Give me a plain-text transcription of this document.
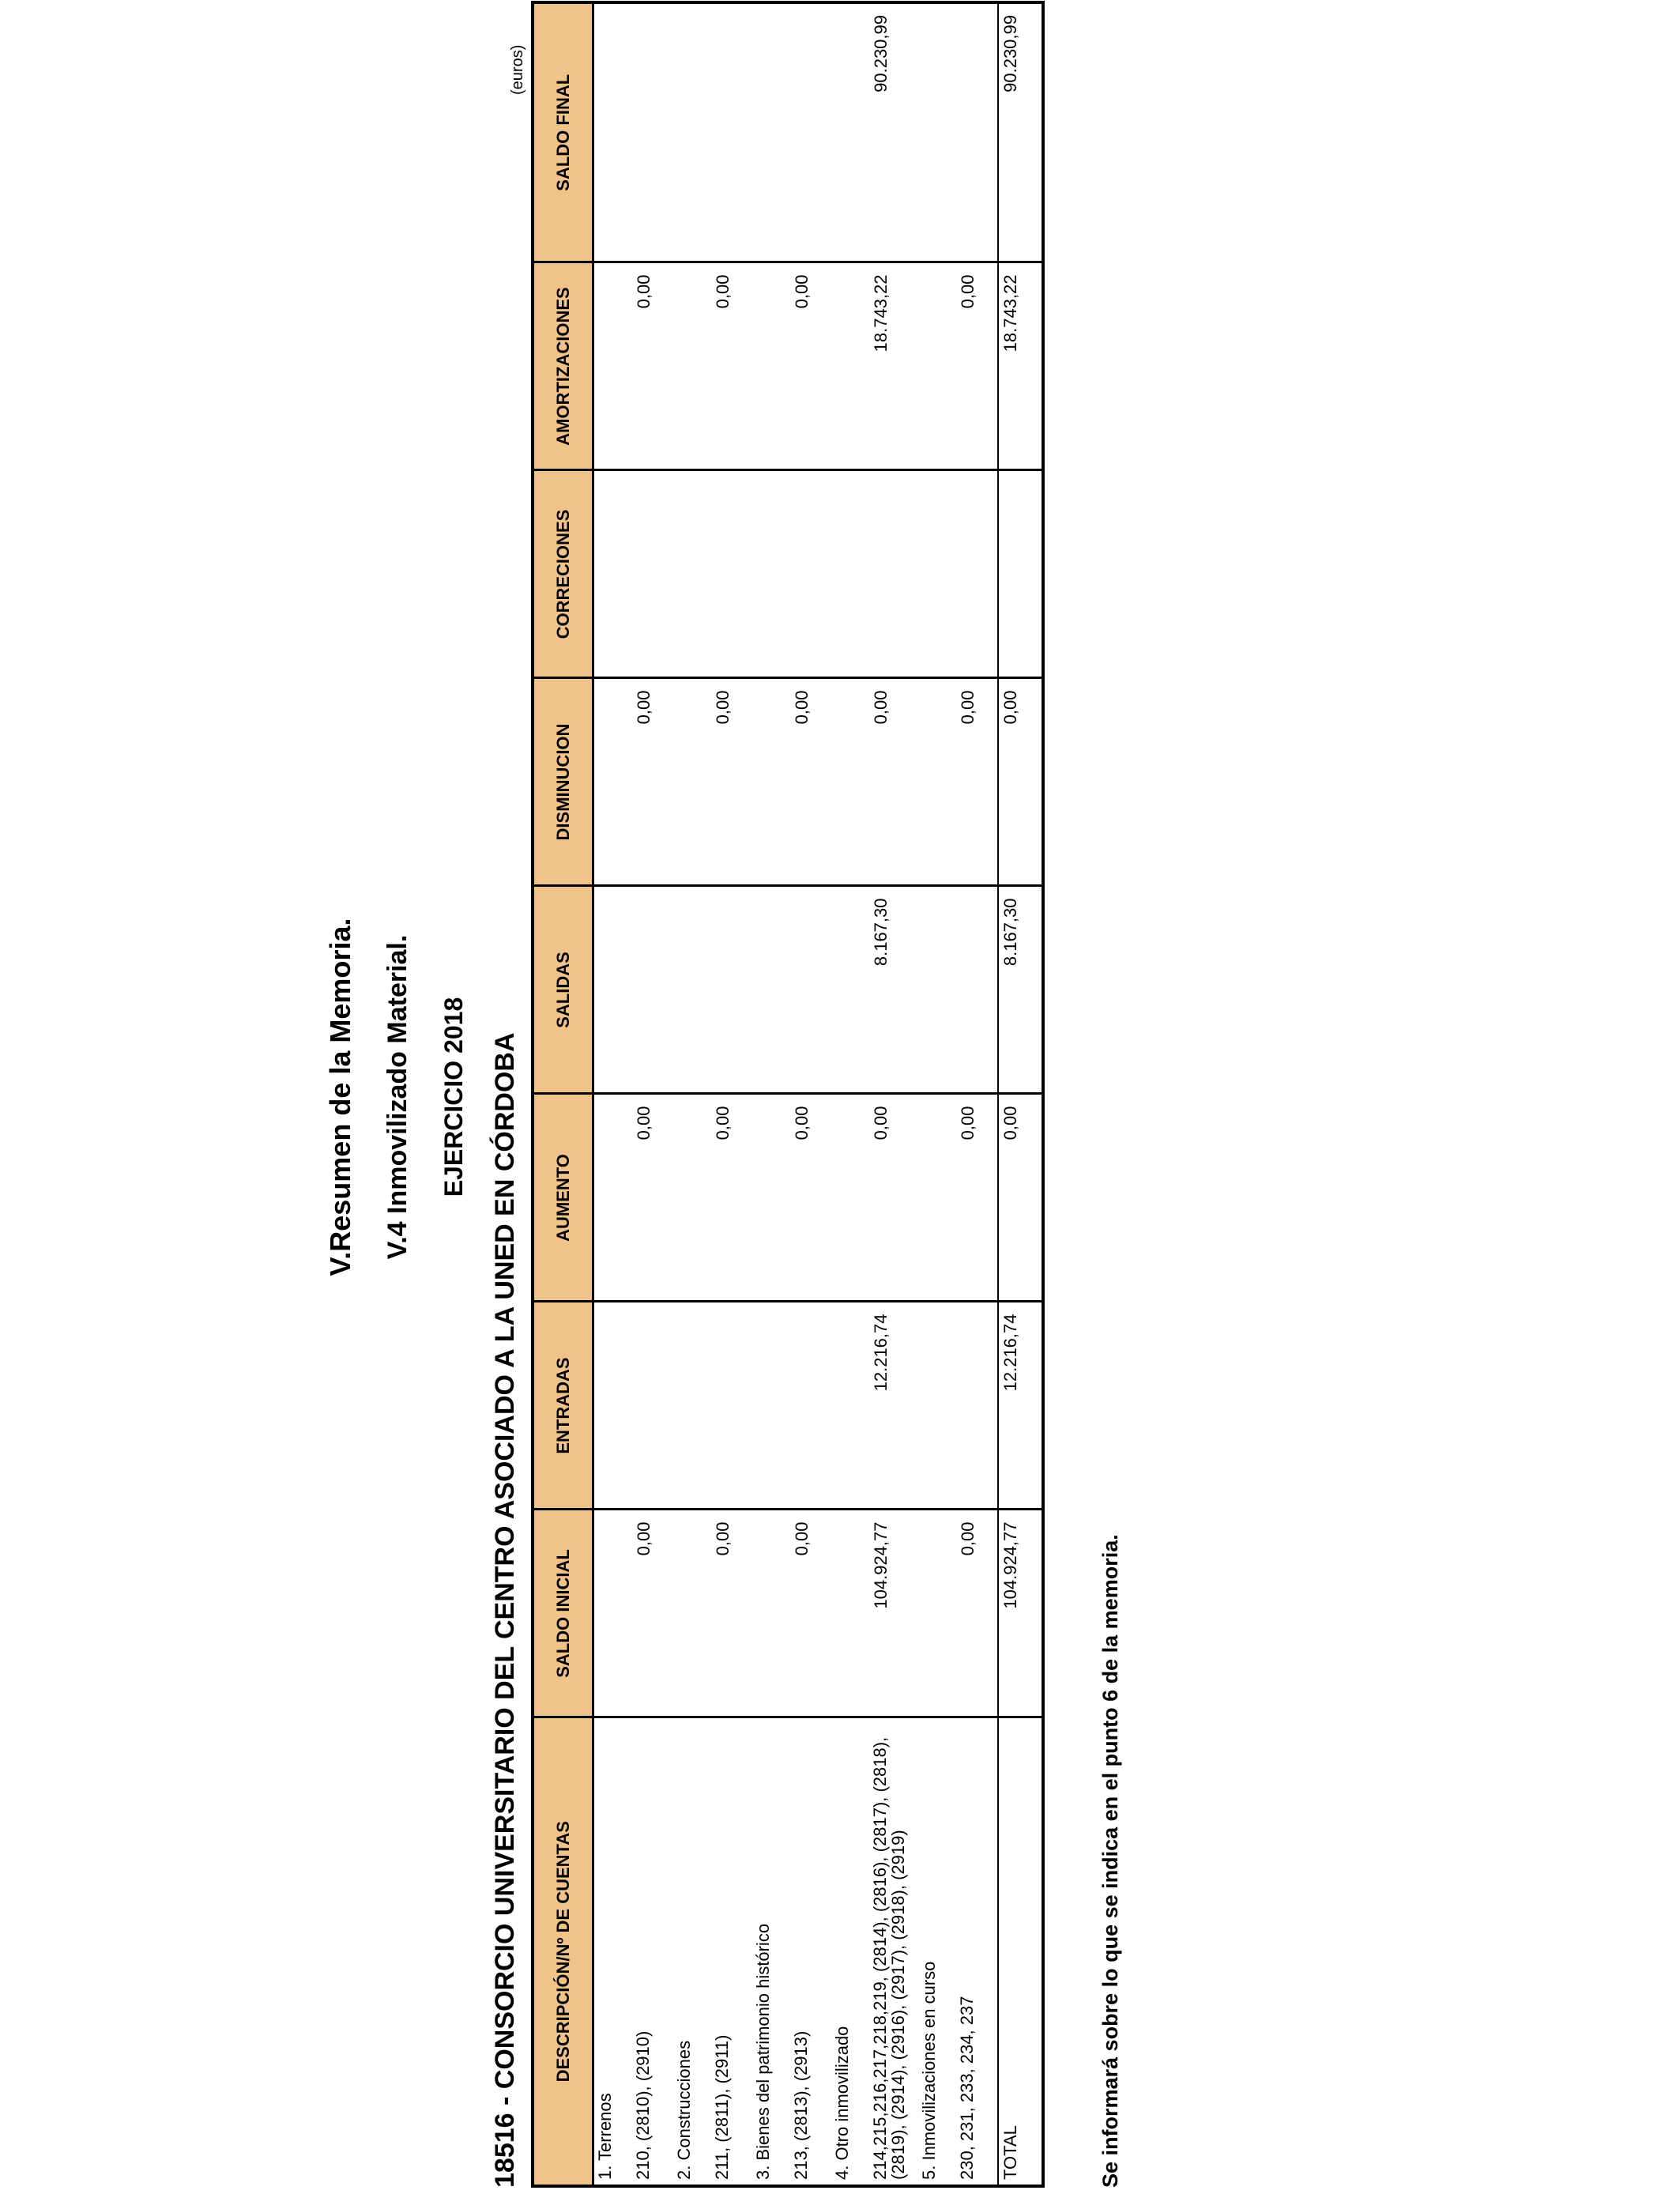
V.Resumen de la Memoria. V.4 Inmovilizado Material. EJERCICIO 2018 18516 - CONSORCIO UNIVERSITARIO DEL CENTRO ASOCIADO A LA UNED EN CÓRDOBA
(euros)
DESCRIPCIÓN/Nº DE CUENTAS	SALDO INICIAL	ENTRADAS	AUMENTO	SALIDAS	DISMINUCION	CORRECIONES	AMORTIZACIONES	SALDO FINAL
1. Terrenos								
210, (2810), (2910)	0,00		0,00		0,00		0,00	
2. Construcciones								
211, (2811), (2911)	0,00		0,00		0,00		0,00	
3. Bienes del patrimonio histórico								
213, (2813), (2913)	0,00		0,00		0,00		0,00	
4. Otro inmovilizado								
214,215,216,217,218,219, (2814), (2816), (2817), (2818), (2819), (2914), (2916), (2917), (2918), (2919)	104.924,77	12.216,74	0,00	8.167,30	0,00		18.743,22	90.230,99
5. Inmovilizaciones en curso								
230, 231, 233, 234, 237	0,00		0,00		0,00		0,00	
TOTAL	104.924,77	12.216,74	0,00	8.167,30	0,00		18.743,22	90.230,99
Se informará sobre lo que se indica en el punto 6 de la memoria.
